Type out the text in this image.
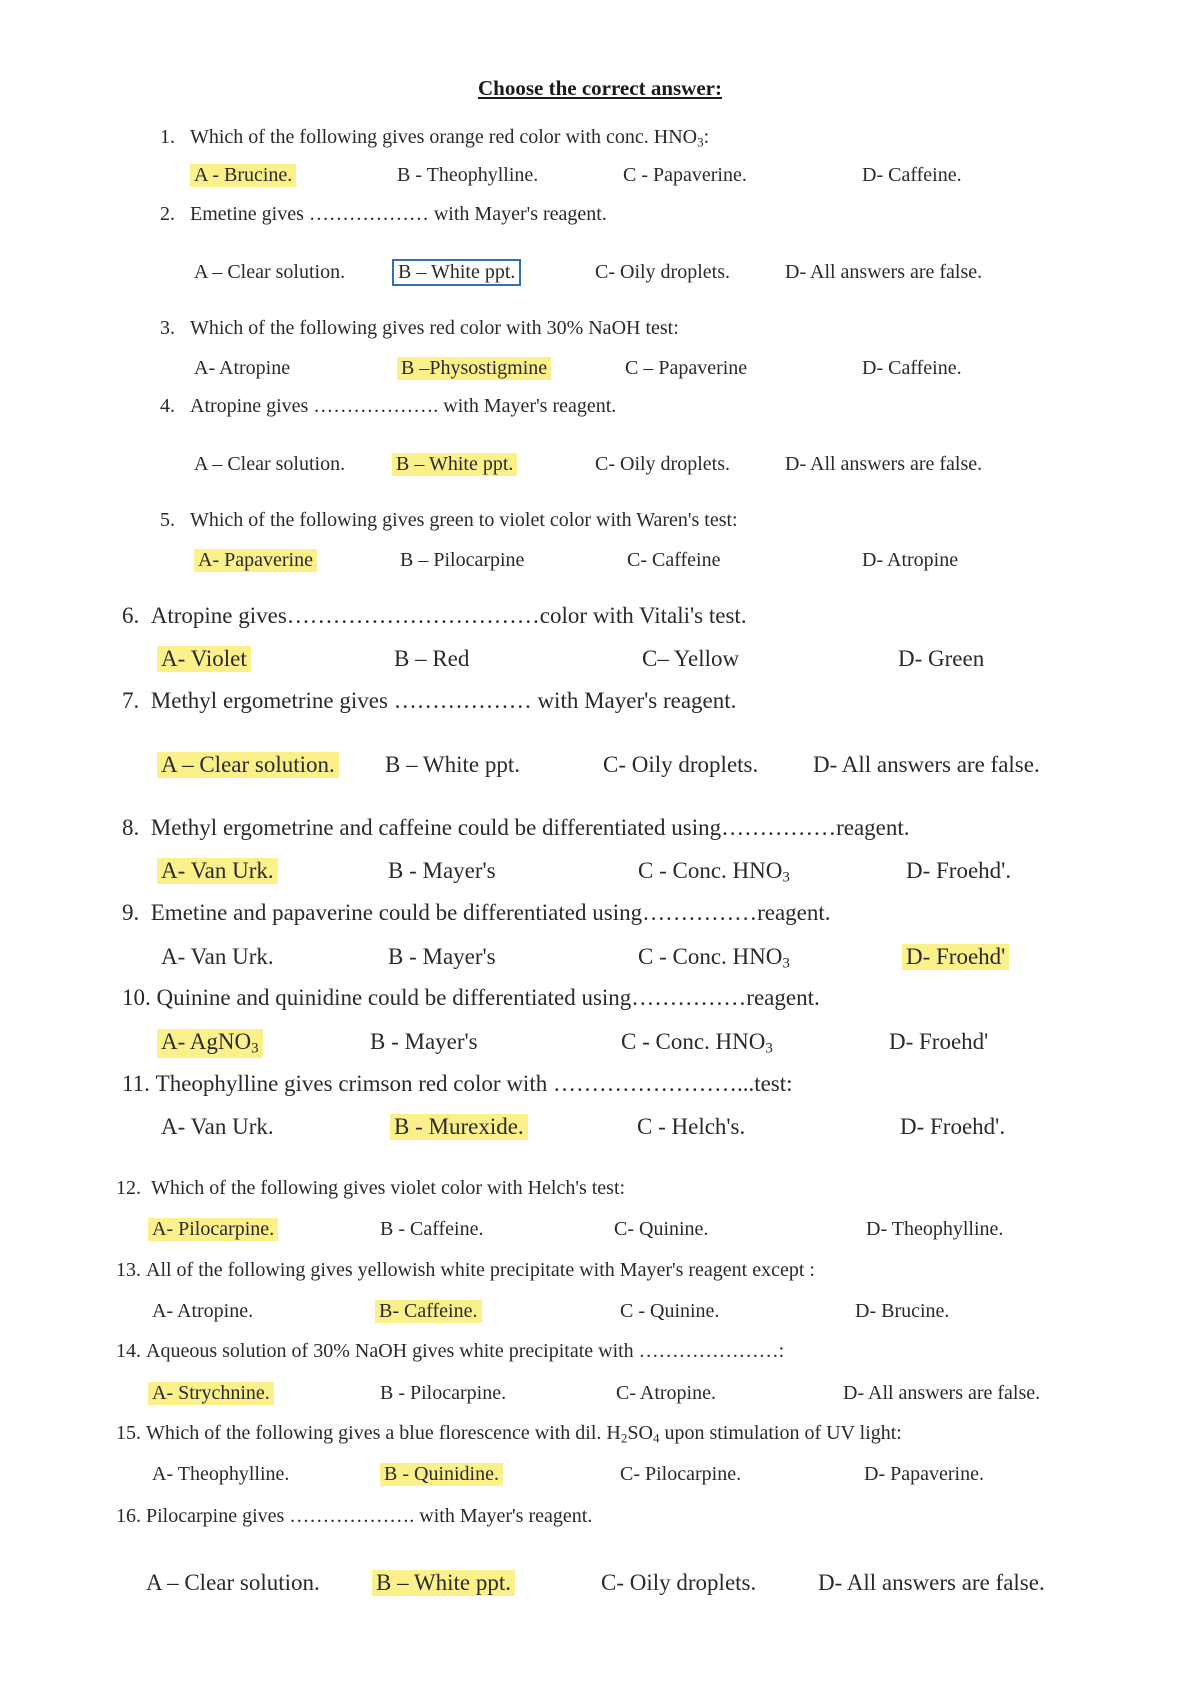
Choose the correct answer:
1. Which of the following gives orange red color with conc. $HNO_3$:
A - Brucine.	B - Theophylline.	C - Papaverine.	D- Caffeine.
2. Emetine gives ……………… with Mayer's reagent.
A – Clear solution.	B – White ppt.	C- Oily droplets.	D- All answers are false.
3. Which of the following gives red color with 30% NaOH test:
A- Atropine	B –Physostigmine	C – Papaverine	D- Caffeine.
4. Atropine gives ………………. with Mayer's reagent.
A – Clear solution.	B – White ppt.	C- Oily droplets.	D- All answers are false.
5. Which of the following gives green to violet color with Waren's test:
A- Papaverine	B – Pilocarpine	C- Caffeine	D- Atropine
6. Atropine gives……………………………color with Vitali's test.
A- Violet	B – Red	C– Yellow	D- Green
7. Methyl ergometrine gives ……………… with Mayer's reagent.
A – Clear solution. B – White ppt.	C- Oily droplets. D- All answers are false.
8. Methyl ergometrine and caffeine could be differentiated using……………reagent.
A- Van Urk.	B - Mayer's	C - Conc. $HNO_3$	D- Froehd'.
9. Emetine and papaverine could be differentiated using……………reagent.
A- Van Urk.	B - Mayer's	C - Conc. $HNO_3$	D- Froehd'
10. Quinine and quinidine could be differentiated using……………reagent.
A- AgNO$_3$	B - Mayer's	C - Conc. $HNO_3$	D- Froehd'
11. Theophylline gives crimson red color with ……………………...test:
A- Van Urk.	B - Murexide.	C - Helch's.	D- Froehd'.
12. Which of the following gives violet color with Helch's test:
A- Pilocarpine.	B - Caffeine.	C- Quinine.	D- Theophylline.
13. All of the following gives yellowish white precipitate with Mayer's reagent except :
A- Atropine.	B- Caffeine.	C - Quinine.	D- Brucine.
14. Aqueous solution of 30% NaOH gives white precipitate with …………………:
A- Strychnine.	B - Pilocarpine.	C- Atropine.	D- All answers are false.
15. Which of the following gives a blue florescence with dil. $H_2SO_4$ upon stimulation of UV light:
A- Theophylline.	B - Quinidine.	C- Pilocarpine.	D- Papaverine.
16. Pilocarpine gives ………………. with Mayer's reagent.
A – Clear solution. B – White ppt.	C- Oily droplets.	D- All answers are false.
